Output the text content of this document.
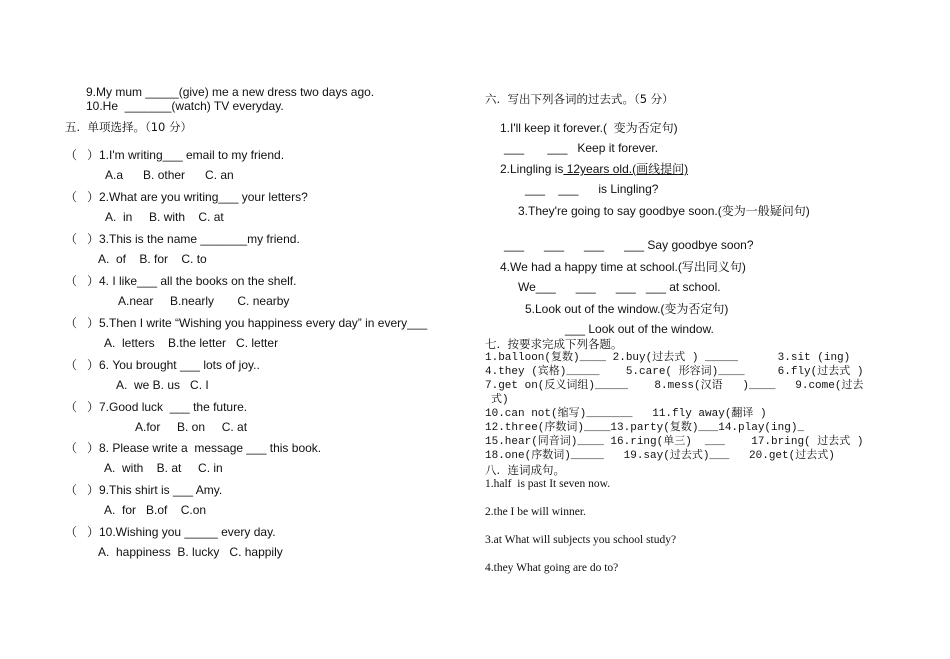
9.My mum _____(give) me a new dress two days ago.
10.He  _______(watch) TV everyday.
五.  单项选择。（10 分）
（   ）1.I'm writing___ email to my friend.
A.a      B. other      C. an
（   ）2.What are you writing___ your letters?
A.  in     B. with    C. at
（   ）3.This is the name _______my friend.
A.  of    B. for    C. to
（   ）4. I like___ all the books on the shelf.
A.near     B.nearly       C. nearby
（   ）5.Then I write “Wishing you happiness every day” in every___
A.  letters    B.the letter   C. letter
（   ）6. You brought ___ lots of joy..
A.  we B. us   C. I
（   ）7.Good luck  ___ the future.
A.for     B. on     C. at
（   ）8. Please write a  message ___ this book.
A.  with    B. at     C. in
（   ）9.This shirt is ___ Amy.
A.  for   B.of    C.on
（   ）10.Wishing you _____ every day.
A.  happiness  B. lucky   C. happily
六.  写出下列各词的过去式。（5 分）
1.I'll keep it forever.(  变为否定句)
___       ___   Keep it forever.
2.Lingling is 12years old.(画线提问)
___    ___      is Lingling?
3.They're going to say goodbye soon.(变为一般疑问句)
___      ___      ___      ___ Say goodbye soon?
4.We had a happy time at school.(写出同义句)
We___      ___      ___   ___ at school.
5.Look out of the window.(变为否定句)
___ Look out of the window.
七.  按要求完成下列各题。
1.balloon(复数)____ 2.buy(过去式 ) _____      3.sit (ing)
4.they (宾格)_____    5.care( 形容词)____     6.fly(过去式 )
7.get on(反义词组)_____    8.mess(汉语   )____   9.come(过去
式)
10.can not(缩写)_______   11.fly away(翻译 )
12.three(序数词)____13.party(复数)___14.play(ing)_
15.hear(同音词)____ 16.ring(单三)  ___    17.bring( 过去式 )
18.one(序数词)_____   19.say(过去式)___   20.get(过去式)
八.  连词成句。
1.half  is past It seven now.
2.the I be will winner.
3.at What will subjects you school study?
4.they What going are do to?
